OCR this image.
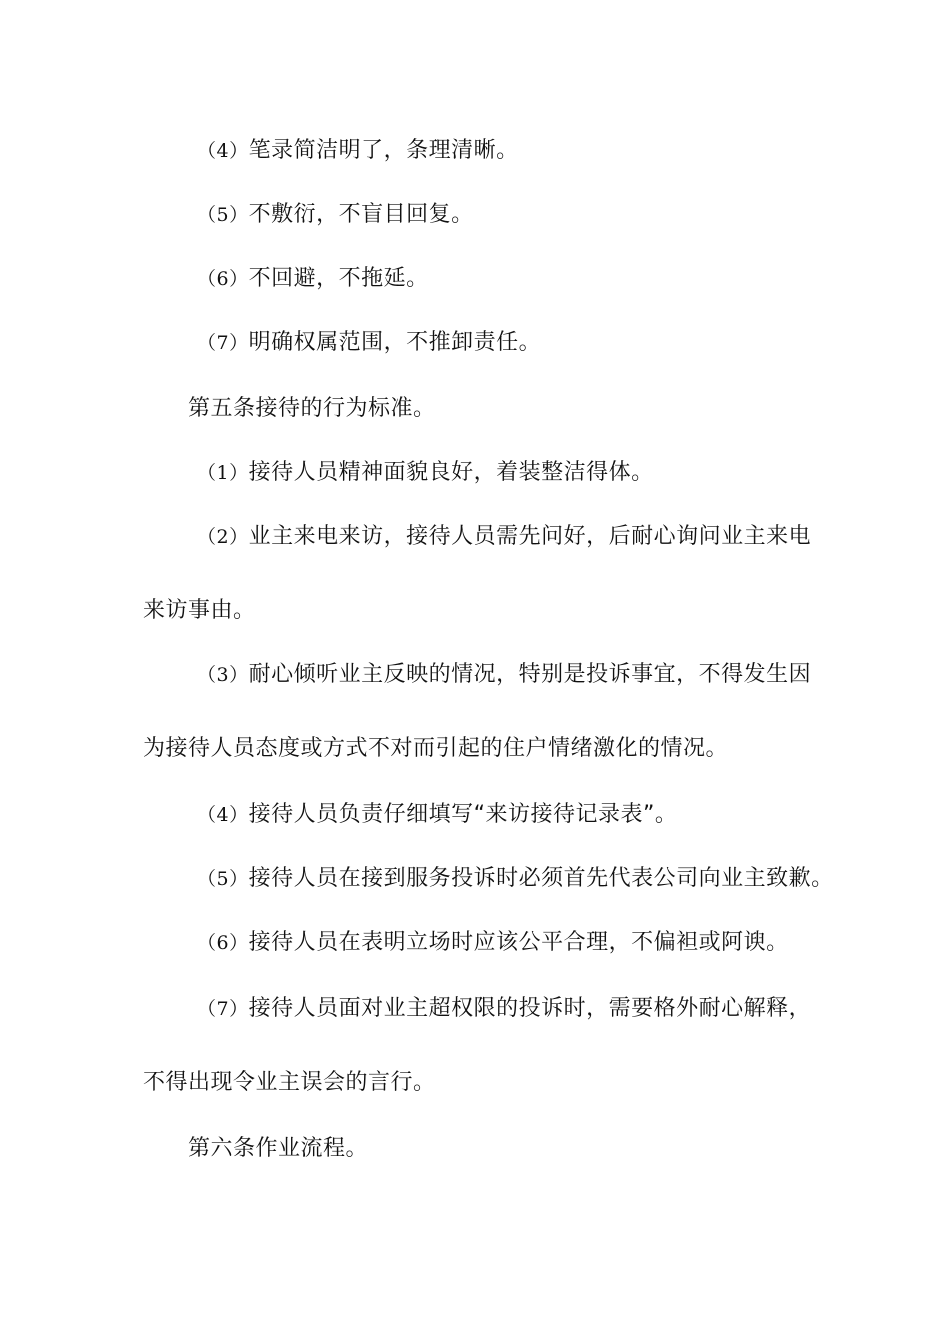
（4）笔录简洁明了，条理清晰。
（5）不敷衍，不盲目回复。
（6）不回避，不拖延。
（7）明确权属范围，不推卸责任。
第五条接待的行为标准。
（1）接待人员精神面貌良好，着装整洁得体。
（2）业主来电来访，接待人员需先问好，后耐心询问业主来电
来访事由。
（3）耐心倾听业主反映的情况，特别是投诉事宜，不得发生因
为接待人员态度或方式不对而引起的住户情绪激化的情况。
（4）接待人员负责仔细填写“来访接待记录表”。
（5）接待人员在接到服务投诉时必须首先代表公司向业主致歉。
（6）接待人员在表明立场时应该公平合理，不偏袒或阿谀。
（7）接待人员面对业主超权限的投诉时，需要格外耐心解释，
不得出现令业主误会的言行。
第六条作业流程。
